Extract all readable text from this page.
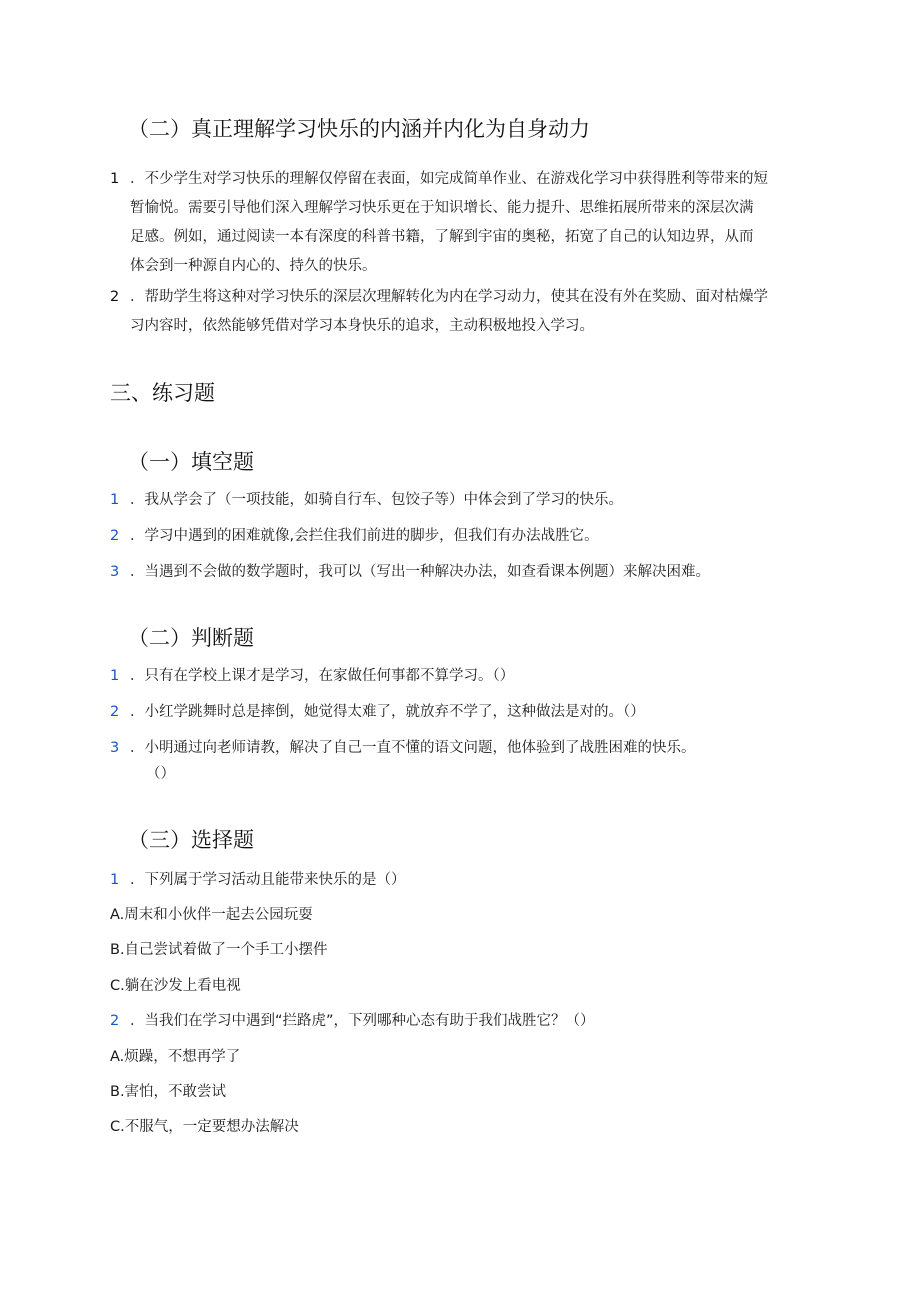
（二）真正理解学习快乐的内涵并内化为自身动力
1 ．不少学生对学习快乐的理解仅停留在表面，如完成简单作业、在游戏化学习中获得胜利等带来的短
暂愉悦。需要引导他们深入理解学习快乐更在于知识增长、能力提升、思维拓展所带来的深层次满
足感。例如，通过阅读一本有深度的科普书籍，了解到宇宙的奥秘，拓宽了自己的认知边界，从而
体会到一种源自内心的、持久的快乐。
2 ．帮助学生将这种对学习快乐的深层次理解转化为内在学习动力，使其在没有外在奖励、面对枯燥学
习内容时，依然能够凭借对学习本身快乐的追求，主动积极地投入学习。
三、练习题
（一）填空题
1 ．我从学会了（一项技能，如骑自行车、包饺子等）中体会到了学习的快乐。
2 ．学习中遇到的困难就像,会拦住我们前进的脚步，但我们有办法战胜它。
3 ．当遇到不会做的数学题时，我可以（写出一种解决办法，如查看课本例题）来解决困难。
（二）判断题
1 ．只有在学校上课才是学习，在家做任何事都不算学习。（）
2 ．小红学跳舞时总是摔倒，她觉得太难了，就放弃不学了，这种做法是对的。（）
3 ．小明通过向老师请教，解决了自己一直不懂的语文问题，他体验到了战胜困难的快乐。
（）
（三）选择题
1 ．下列属于学习活动且能带来快乐的是（）
A.周末和小伙伴一起去公园玩耍
B.自己尝试着做了一个手工小摆件
C.躺在沙发上看电视
2 ．当我们在学习中遇到“拦路虎”，下列哪种心态有助于我们战胜它？（）
A.烦躁，不想再学了
B.害怕，不敢尝试
C.不服气，一定要想办法解决
